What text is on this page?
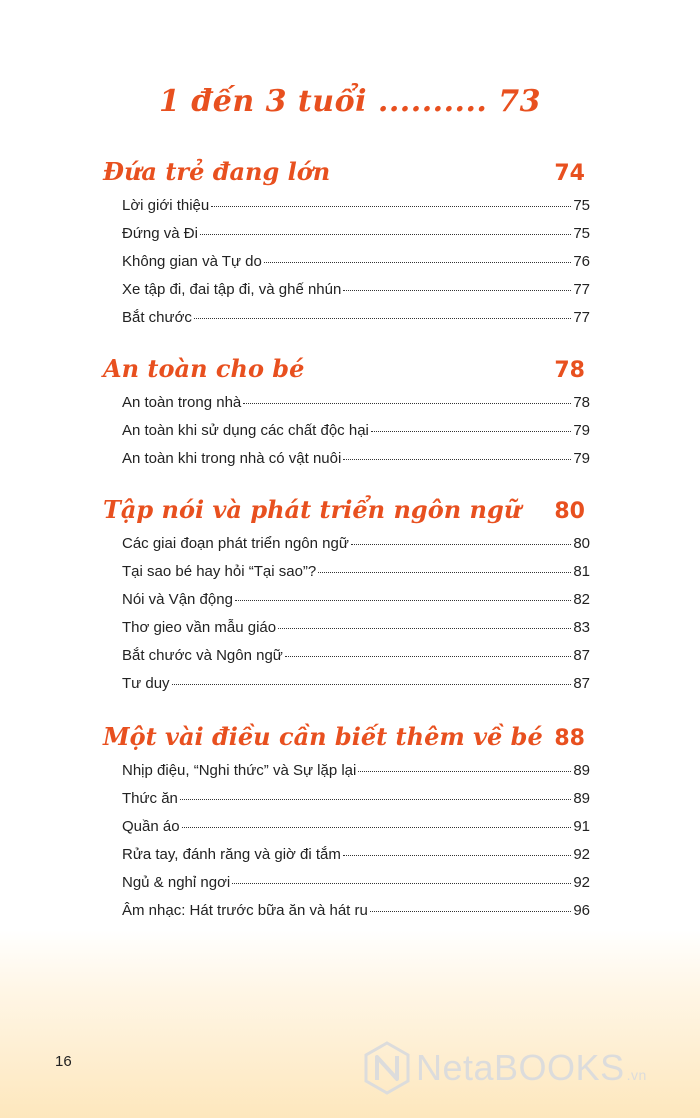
1 đến 3 tuổi .......... 73
Đứa trẻ đang lớn	74
Lời giới thiệu	75
Đứng và Đi	75
Không gian và Tự do	76
Xe tập đi, đai tập đi, và ghế nhún	77
Bắt chước	77
An toàn cho bé	78
An toàn trong nhà	78
An toàn khi sử dụng các chất độc hại	79
An toàn khi trong nhà có vật nuôi	79
Tập nói và phát triển ngôn ngữ 80
Các giai đoạn phát triển ngôn ngữ	80
Tại sao bé hay hỏi “Tại sao”?	81
Nói và Vận động	82
Thơ gieo vần mẫu giáo	83
Bắt chước và Ngôn ngữ	87
Tư duy	87
Một vài điều cần biết thêm về bé 88
Nhịp điệu, “Nghi thức” và Sự lặp lại	89
Thức ăn	89
Quần áo	91
Rửa tay, đánh răng và giờ đi tắm	92
Ngủ & nghỉ ngơi	92
Âm nhạc: Hát trước bữa ăn và hát ru	96
16	NetaBOOKS .vn
